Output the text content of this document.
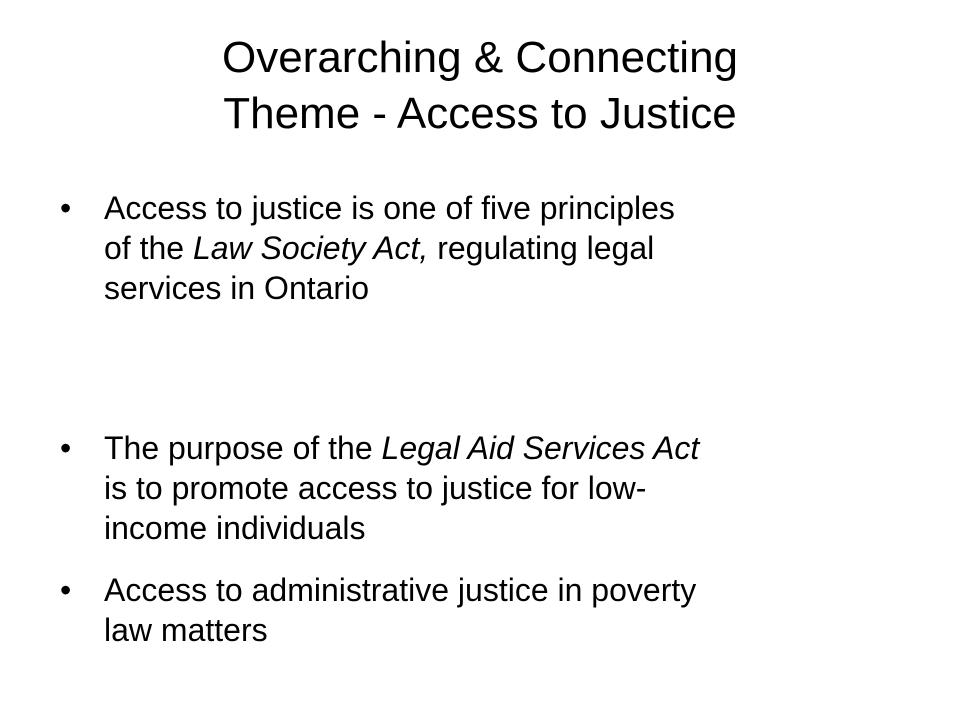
Overarching & Connecting
Theme - Access to Justice
•	Access to justice is one of five principles
of the Law Society Act, regulating legal
services in Ontario
•	The purpose of the Legal Aid Services Act
is to promote access to justice for low-
income individuals
•	Access to administrative justice in poverty
law matters
